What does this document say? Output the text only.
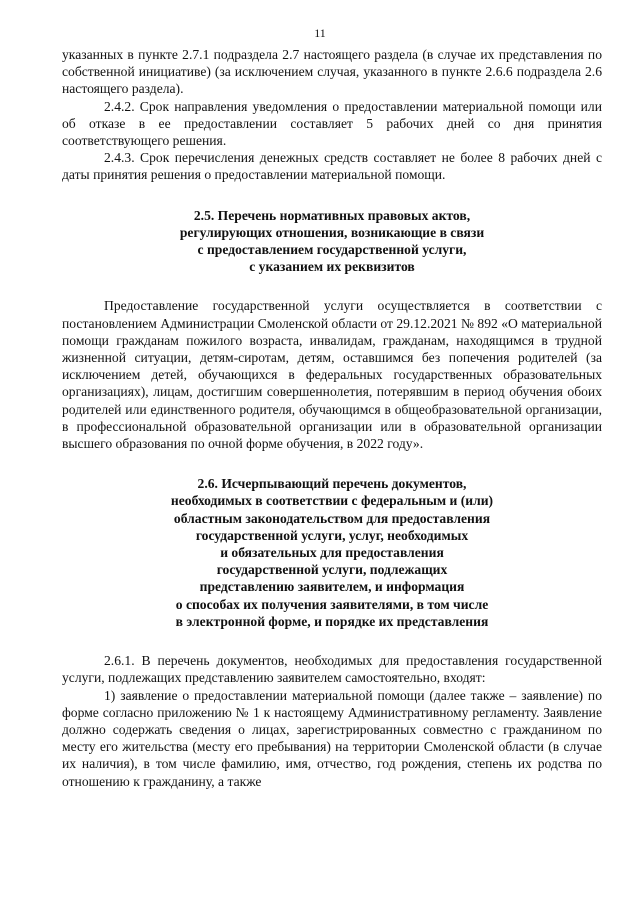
11

указанных в пункте 2.7.1 подраздела 2.7 настоящего раздела (в случае их представления по собственной инициативе) (за исключением случая, указанного в пункте 2.6.6 подраздела 2.6 настоящего раздела).

2.4.2. Срок направления уведомления о предоставлении материальной помощи или об отказе в ее предоставлении составляет 5 рабочих дней со дня принятия соответствующего решения.

2.4.3. Срок перечисления денежных средств составляет не более 8 рабочих дней с даты принятия решения о предоставлении материальной помощи.

2.5. Перечень нормативных правовых актов,
регулирующих отношения, возникающие в связи
с предоставлением государственной услуги,
с указанием их реквизитов

Предоставление государственной услуги осуществляется в соответствии с постановлением Администрации Смоленской области от 29.12.2021 № 892 «О материальной помощи гражданам пожилого возраста, инвалидам, гражданам, находящимся в трудной жизненной ситуации, детям-сиротам, детям, оставшимся без попечения родителей (за исключением детей, обучающихся в федеральных государственных образовательных организациях), лицам, достигшим совершеннолетия, потерявшим в период обучения обоих родителей или единственного родителя, обучающимся в общеобразовательной организации, в профессиональной образовательной организации или в образовательной организации высшего образования по очной форме обучения, в 2022 году».

2.6. Исчерпывающий перечень документов,
необходимых в соответствии с федеральным и (или)
областным законодательством для предоставления
государственной услуги, услуг, необходимых
и обязательных для предоставления
государственной услуги, подлежащих
представлению заявителем, и информация
о способах их получения заявителями, в том числе
в электронной форме, и порядке их представления

2.6.1. В перечень документов, необходимых для предоставления государственной услуги, подлежащих представлению заявителем самостоятельно, входят:

1) заявление о предоставлении материальной помощи (далее также – заявление) по форме согласно приложению № 1 к настоящему Административному регламенту. Заявление должно содержать сведения о лицах, зарегистрированных совместно с гражданином по месту его жительства (месту его пребывания) на территории Смоленской области (в случае их наличия), в том числе фамилию, имя, отчество, год рождения, степень их родства по отношению к гражданину, а также
